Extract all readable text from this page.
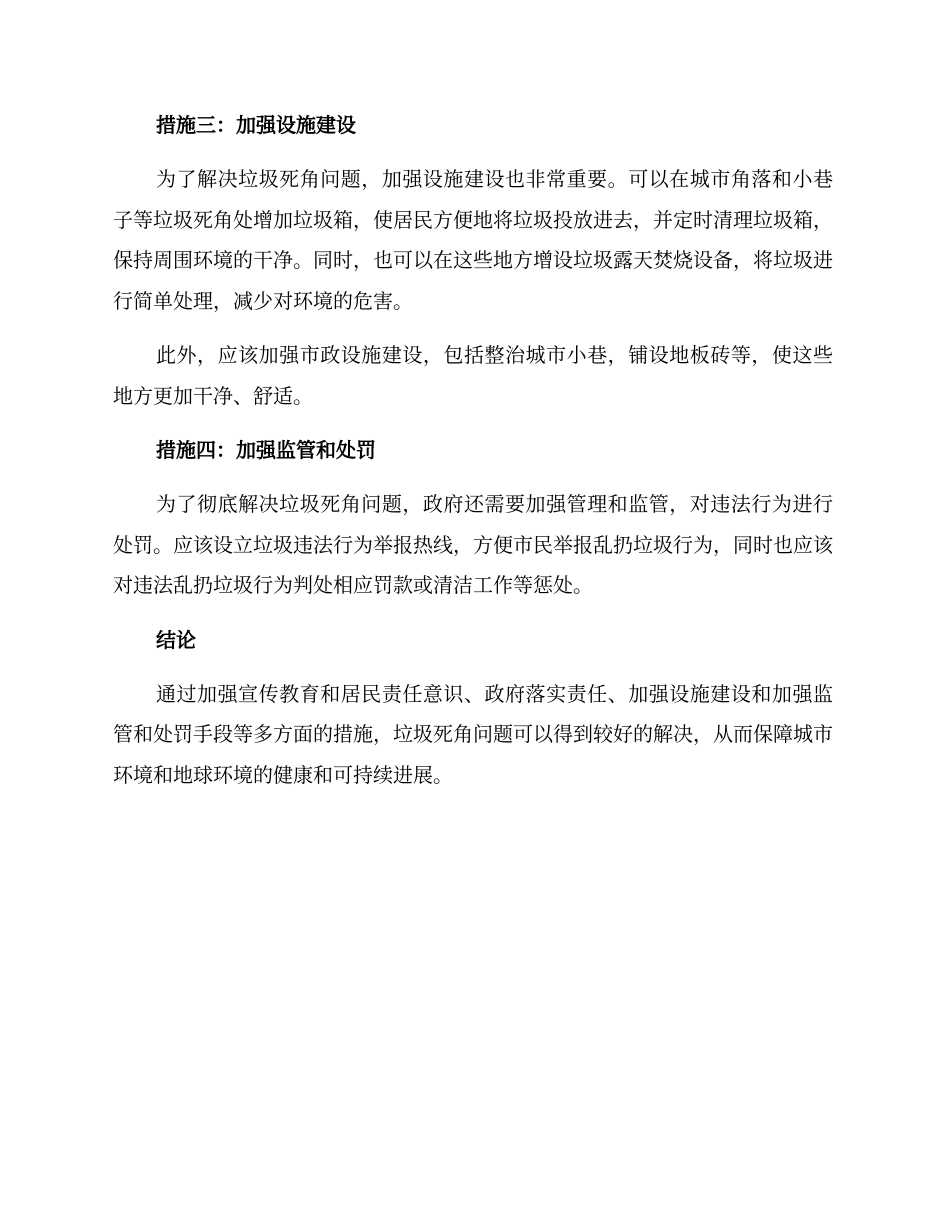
措施三：加强设施建设

为了解决垃圾死角问题，加强设施建设也非常重要。可以在城市角落和小巷子等垃圾死角处增加垃圾箱，使居民方便地将垃圾投放进去，并定时清理垃圾箱，保持周围环境的干净。同时，也可以在这些地方增设垃圾露天焚烧设备，将垃圾进行简单处理，减少对环境的危害。

此外，应该加强市政设施建设，包括整治城市小巷，铺设地板砖等，使这些地方更加干净、舒适。

措施四：加强监管和处罚

为了彻底解决垃圾死角问题，政府还需要加强管理和监管，对违法行为进行处罚。应该设立垃圾违法行为举报热线，方便市民举报乱扔垃圾行为，同时也应该对违法乱扔垃圾行为判处相应罚款或清洁工作等惩处。

结论

通过加强宣传教育和居民责任意识、政府落实责任、加强设施建设和加强监管和处罚手段等多方面的措施，垃圾死角问题可以得到较好的解决，从而保障城市环境和地球环境的健康和可持续进展。
